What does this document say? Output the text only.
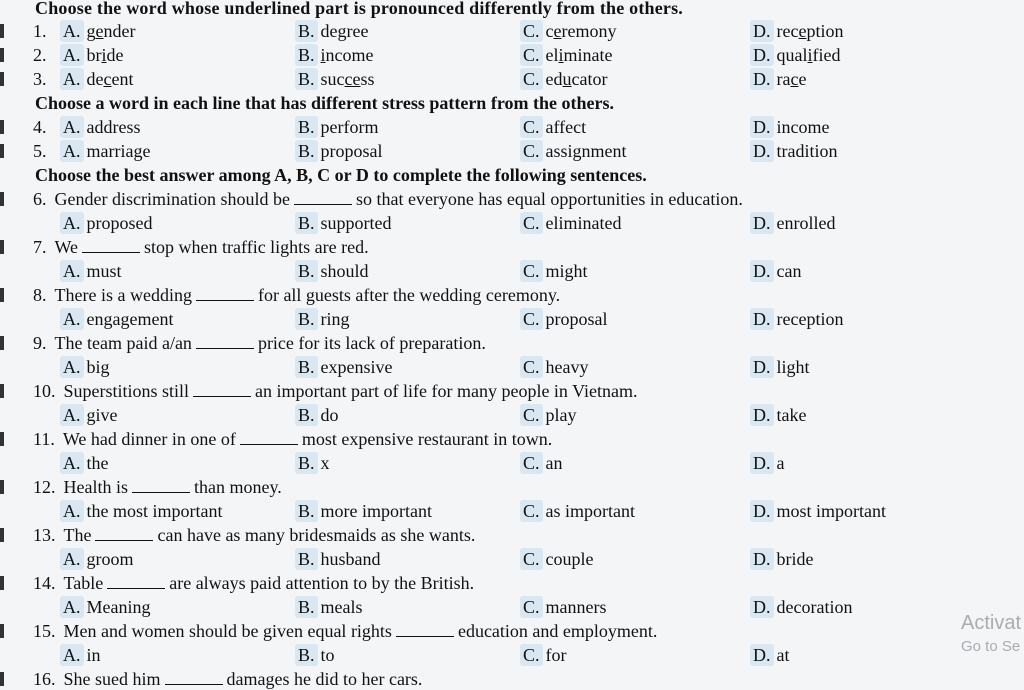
Choose the word whose underlined part is pronounced differently from the others.
1. A. gender	B. degree	C. ceremony	D. reception
2. A. bride	B. income	C. eliminate	D. qualified
3. A. decent	B. success	C. educator	D. race
Choose a word in each line that has different stress pattern from the others.
4. A. address	B. perform	C. affect	D. income
5. A. marriage	B. proposal	C. assignment	D. tradition
Choose the best answer among A, B, C or D to complete the following sentences.
6. Gender discrimination should be	so that everyone has equal opportunities in education.
A. proposed	B. supported	C. eliminated	D. enrolled
7. We	stop when traffic lights are red.
A. must	B. should	C. might	D. can
8. There is a wedding	for all guests after the wedding ceremony.
A. engagement	B. ring	C. proposal	D. reception
9. The team paid a/an	price for its lack of preparation.
A. big	B. expensive	C. heavy	D. light
10. Superstitions still	an important part of life for many people in Vietnam.
A. give	B. do	C. play	D. take
11. We had dinner in one of	most expensive restaurant in town.
A. the	B. x	C. an	D. a
12. Health is	than money.
A. the most important	B. more important	C. as important	D. most important
13. The	can have as many bridesmaids as she wants.
A. groom	B. husband	C. couple	D. bride
14. Table	are always paid attention to by the British.
A. Meaning	B. meals	C. manners	D. decoration
15. Men and women should be given equal rights	education and employment.
A. in	B. to	C. for	D. at
16. She sued him	damages he did to her cars.
Activat
Go to Se
